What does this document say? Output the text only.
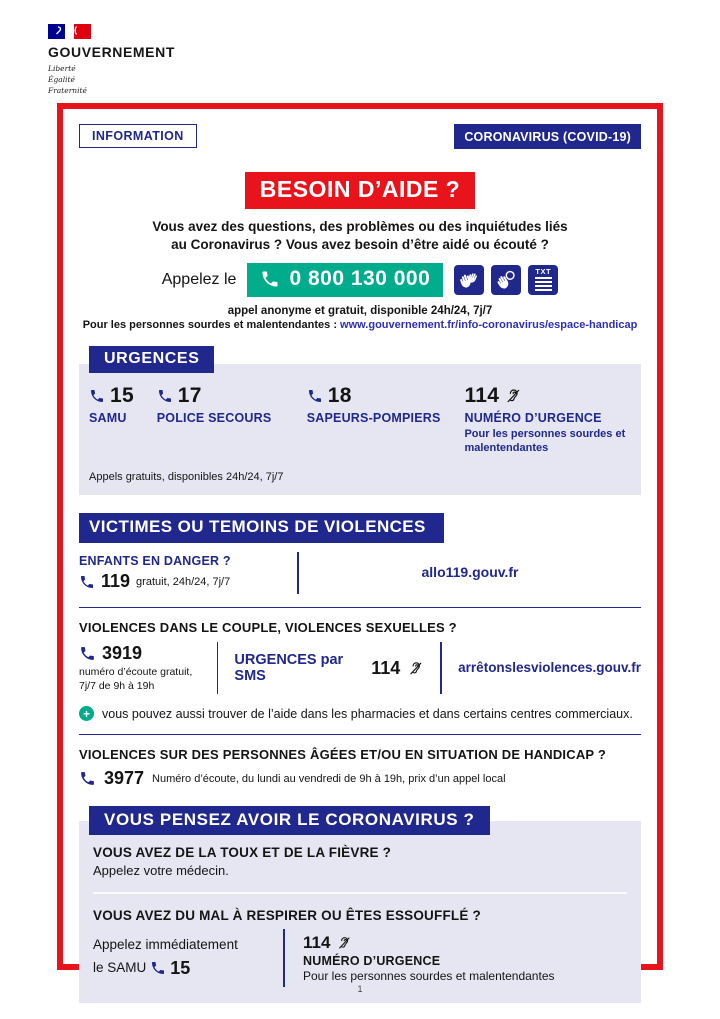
GOUVERNEMENT
Liberté
Égalité
Fraternité
INFORMATION	CORONAVIRUS (COVID-19)
BESOIN D’AIDE ?
Vous avez des questions, des problèmes ou des inquiétudes liés
au Coronavirus ? Vous avez besoin d’être aidé ou écouté ?
Appelez le	0 800 130 000	TXT
appel anonyme et gratuit, disponible 24h/24, 7j/7
Pour les personnes sourdes et malentendantes : www.gouvernement.fr/info-coronavirus/espace-handicap
URGENCES
15
SAMU
17
POLICE SECOURS
18
SAPEURS-POMPIERS
114
NUMÉRO D’URGENCE
Pour les personnes sourdes et malentendantes
Appels gratuits, disponibles 24h/24, 7j/7
VICTIMES OU TEMOINS DE VIOLENCES
ENFANTS EN DANGER ?
119 gratuit, 24h/24, 7j/7
allo119.gouv.fr
VIOLENCES DANS LE COUPLE, VIOLENCES SEXUELLES ?
3919
numéro d’écoute gratuit,
7j/7 de 9h à 19h
URGENCES par SMS	114	arrêtonslesviolences.gouv.fr
+ vous pouvez aussi trouver de l’aide dans les pharmacies et dans certains centres commerciaux.
VIOLENCES SUR DES PERSONNES ÂGÉES ET/OU EN SITUATION DE HANDICAP ?
3977 Numéro d’écoute, du lundi au vendredi de 9h à 19h, prix d’un appel local
VOUS PENSEZ AVOIR LE CORONAVIRUS ?
VOUS AVEZ DE LA TOUX ET DE LA FIÈVRE ?
Appelez votre médecin.
VOUS AVEZ DU MAL À RESPIRER OU ÊTES ESSOUFFLÉ ?
Appelez immédiatement
le SAMU 15
114
NUMÉRO D’URGENCE
Pour les personnes sourdes et malentendantes
1
